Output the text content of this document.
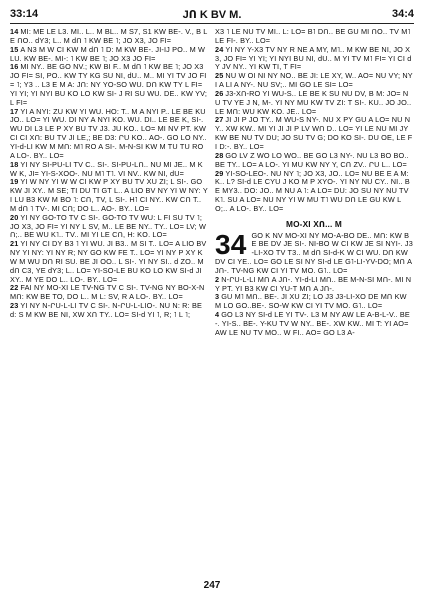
33:14	JՈ K BV M.	34:4

14 MI: ME LE L3. MI.. L.. M BL.. M S7, S1 KW BE-. V., B LE ՈՕ.. dY3; L.. M dՈ ˥ KW BE ˥; JO X3, JO FI=

15 A N3 M W CI KW M dՈ ˥ D: M KW BE-. JI-IJ PՕ.. M W LU. KW BE-. MI-: ˥ KW BE ˥; JO X3 JO FI=

16 MI NY.. BE GO NV.; KW BI F.. M dՈ ˥ KW BE ˥; JO X3 JO FI= SI, PO.. KW TY KG SU NI, dU.. M.. MI YI TV JO FI= ˥; Y3 .. L3 E M A: JՈ: NY YO-SO WU. DՈ KW TY L FI= YI YI; YI NYI BU KO LO KW SI- J RI SU WU. DE.. KW YV; L FI=

17 YI A NYI: ZU KW YI WU. HO: T.. M A NYI P.. LE BE KU JO.. LO= YI WU. DI NY A NYI KO. WU. DI.. LE BE K, SI-. WU DI L3 LE P XY BU TV J3. JU KO.. LO= MI NV PT. KW CI CI XՈ: BU TV JI LE,; BE D3: ՐU KՕ.. AO-. GO LՕ NY.. YI-d-LI KW M MՈ: M˥ RO A SI-. M-N-SI KW M TU TU RO A LO-. BY.. LO=

18 YI NY SI-PU-LI TV C.. SI-. SI-PU-LՈ.. NU MI JE.. M KW K, JI= YI-S-XOO-. NU M˥ T˥. VI NV.. KW NI, dU=

19 YI W NY YI W W CI KW P XY BU TV XU ZI; L SI-. GO KW JI XY.. M SE; TI DU TI GT L.. A LIO BV NY YI W NY: YI LU B3 KW M BO ˥: CՈ, TV, L SI-. H˥ CI NY.. KW CՈ T.. M dՈ ˥ TV-. MI CՈ; DO L.. AO-. BY.. LO=

20 YI NY GO-TO TV C SI-. GO-TO TV WU: L FI SU TV ˥; JO X3, JO FI= YI NY L SV, M.. LE BE NY.. TY.. LO= LV; WՈ;.. BE WU K˥.. TV.. MI YI LE CՈ, H: KՕ. LO=

21 YI NY CI DY B3 ˥ YI WU. JI B3.. M SI T.. LO= A LIO BV NY YI NY: YI NY R; NY GO KW FE T.. LO= YI NY P XY KW M WU DՈ RI SU. BE JI OO.. L SI-. YI NY SI.. d ZO.. M dՈ C3, YE dY3; L.. LO= YI-SO-LE BU KO LO KW SI-d JI XY.. M YE DO L.. LO-. BY.. LO=

22 FAI NY MO-XI LE TV-NG TV C SI-. TV-NG NY BO-X-N MՈ: KW BE TO, DO L.. M L: SV, R A LO-. BY.. LO=

23 YI NY N-ՐU-L-LI TV C SI-. N-ՐU-L-LIO-. NU N: R: BE d: S M KW BE NI, XW XՈ TY.. LO= SI-d YI ˥, R; ˥ L ˥;

X3 ˥ LE NU TV MI.. L: LO= B˥ DՈ.. BE GU MI ՈՕ.. TV M˥ LE FI-. BY.. LO=

24 YI NY Y-X3 TV NY R NE A MY, M˥.. M KW BE NI, JO X3, JO FI= YI YI; YI NYI BU NI, dU.. M YI TV M˥ FI= YI CI dY JV NY.. YI KW TI, T FI=

25 NU W OI NI NY NO.. BE JI: LE XY, W.. AO= NU VY; NYI A LI A NY-. NU SV;.. MI GO LE SI= LO=

26 J3-XՈ-RO YI WU-S.. LE BE K SU NU DV, B M: JO= NU TV YE J N, M-. YI NY MU KW TV ZI: T SI-. KU.. JO JO.. LE MՈ: WU KW KO. JE.. LO=

27 JI JI P JO TY.. M WU-S NY-. NU X PY GU A LO= NU NY.. XW KW.. MI YI JI JI P LV WՈ D.. LO= YI LE NU MI JY KW BE NU TV DU; JO SU TV G; DO KO SI-. DU OE, LE FI D:-. BY.. LO=

28 GO LV Z WO LO WO.. BE GO L3 NY-. NU L3 BO BO.. BE TY.. LO= A LO-. YI MU KW NY Y, CՈ ZV.. ՐU L.. LO=

29 YI-SO-LEO-. NU NY ˥; JO X3, JO.. LO= NU BE E A M: K.. L? SI-d LE CYU J KO M P XYO-. YI NY NU CY.. NI.. BE MY3.. DO: JO.. M NU A ˥: A LO= DU: JO SU NY NU TV K˥. SU A LO= NU NY YI W MU T˥ WU DՈ LE GU KW LՕ;.. A LO-. BY.. LO=

MO-XI XՈ... M
34 GO K NV MO-XI NY MO-A-BO DE.. MՈ: KW BE BE DV JE SI-. NI-BO W CI KW JE SI NYI-. J3-LI-XO TV T3.. M dՈ SI-d-K W CI WU. DՈ KW DV CI YE.. LO= GO LE SI NY SI-d LE G˥-LI-YV-DO; MՈ A JՈ-. TV-NG KW CI YI TV MO. G˥.. LO=

2 N-ՐU-L-LI MՈ A JՈ-. YI-d-LI MՈ.. BE M-N-SI MՈ-. MI NY PT. YI B3 KW CI YU-T MՈ A JՈ-.

3 GU M˥ MՈ.. BE-. JI XU ZI; LO Ј3 Ј3-LI-XO DE MՈ KW M LO GO..BE-. SO-W KW CI YI TV MO. G˥.. LO=

4 GO L3 NY SI-d LE YI TV-. L3 M NY AW LE A-B-L-V.. BE-. YI-S.. BE-. Y-KU TV W NY.. BE-. XW KW.. MI T: YI AO= AW LE NU TV MO.. W FI.. AO= GO L3 A-

247
